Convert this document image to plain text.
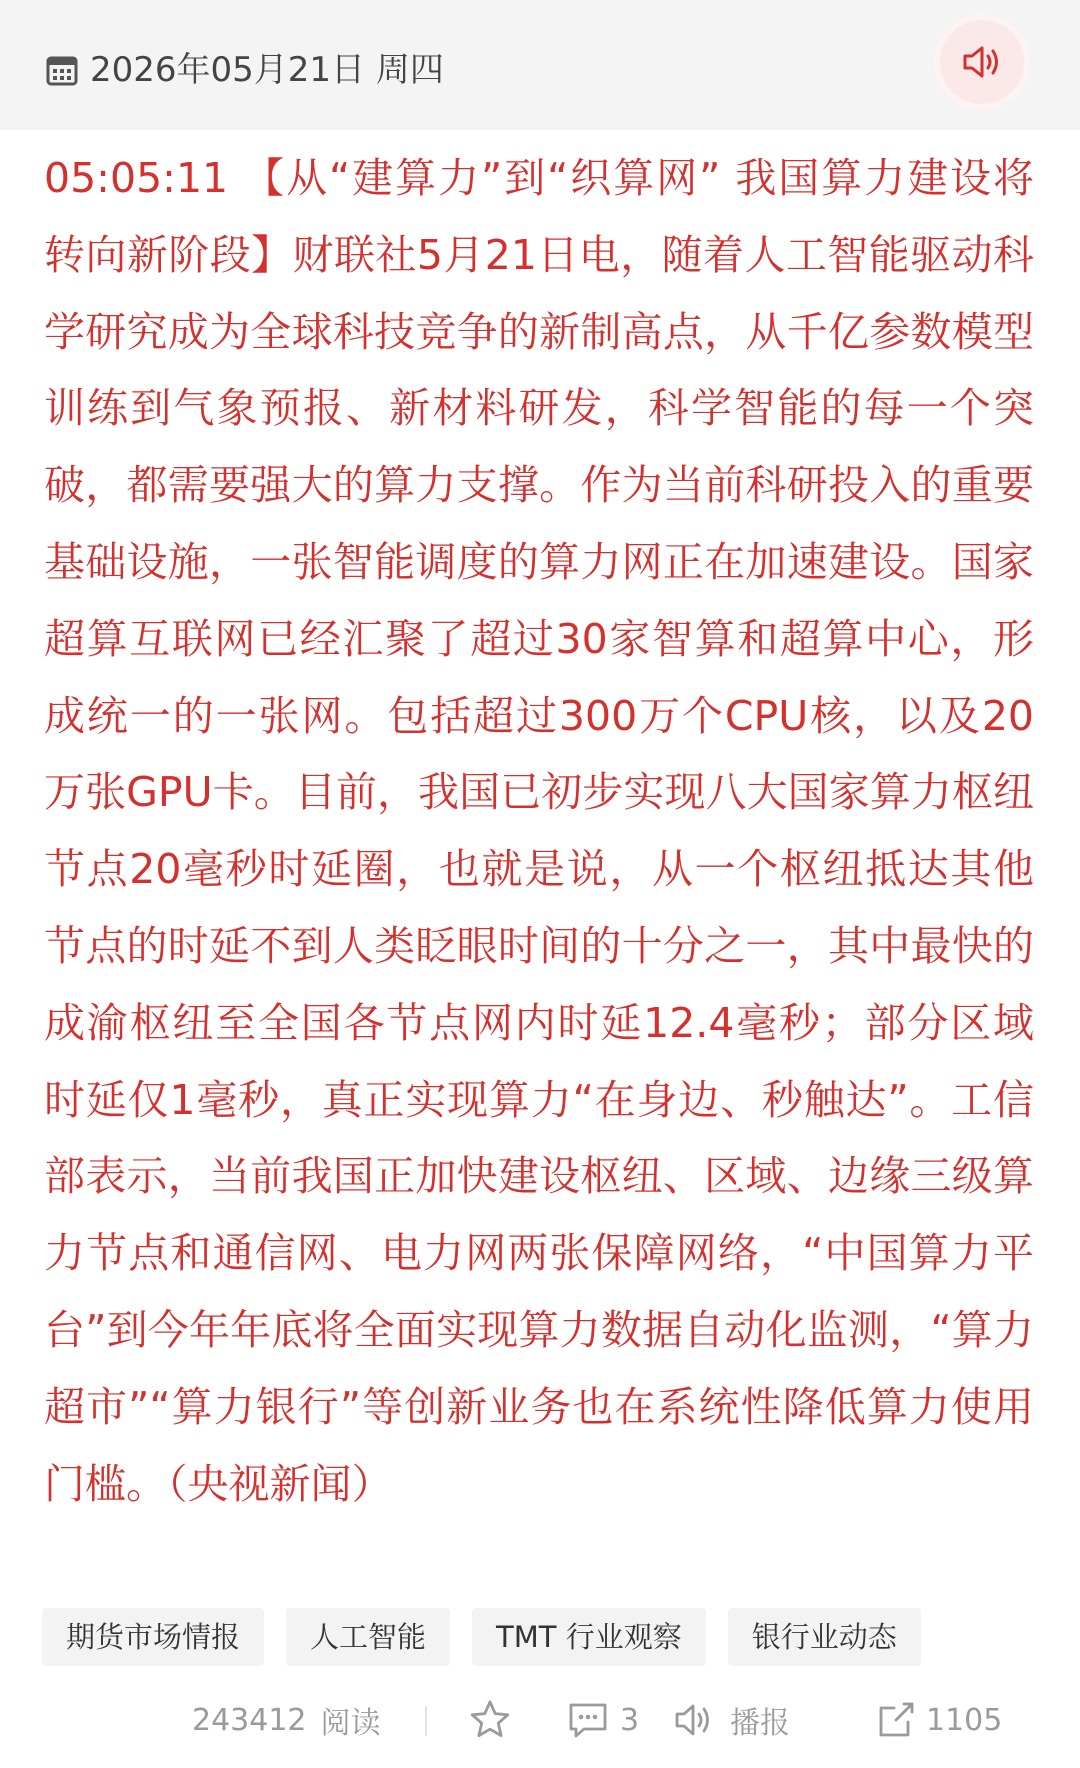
2026年05月21日 周四

05:05:11 【从“建算力”到“织算网” 我国算力建设将转向新阶段】财联社5月21日电，随着人工智能驱动科学研究成为全球科技竞争的新制高点，从千亿参数模型训练到气象预报、新材料研发，科学智能的每一个突破，都需要强大的算力支撑。作为当前科研投入的重要基础设施，一张智能调度的算力网正在加速建设。国家超算互联网已经汇聚了超过30家智算和超算中心，形成统一的一张网。包括超过300万个CPU核，以及20万张GPU卡。目前，我国已初步实现八大国家算力枢纽节点20毫秒时延圈，也就是说，从一个枢纽抵达其他节点的时延不到人类眨眼时间的十分之一，其中最快的成渝枢纽至全国各节点网内时延12.4毫秒；部分区域时延仅1毫秒，真正实现算力“在身边、秒触达”。工信部表示，当前我国正加快建设枢纽、区域、边缘三级算力节点和通信网、电力网两张保障网络，“中国算力平台”到今年年底将全面实现算力数据自动化监测，“算力超市”“算力银行”等创新业务也在系统性降低算力使用门槛。（央视新闻）

期货市场情报	人工智能	TMT 行业观察	银行业动态
243412 阅读	3	播报	1105
